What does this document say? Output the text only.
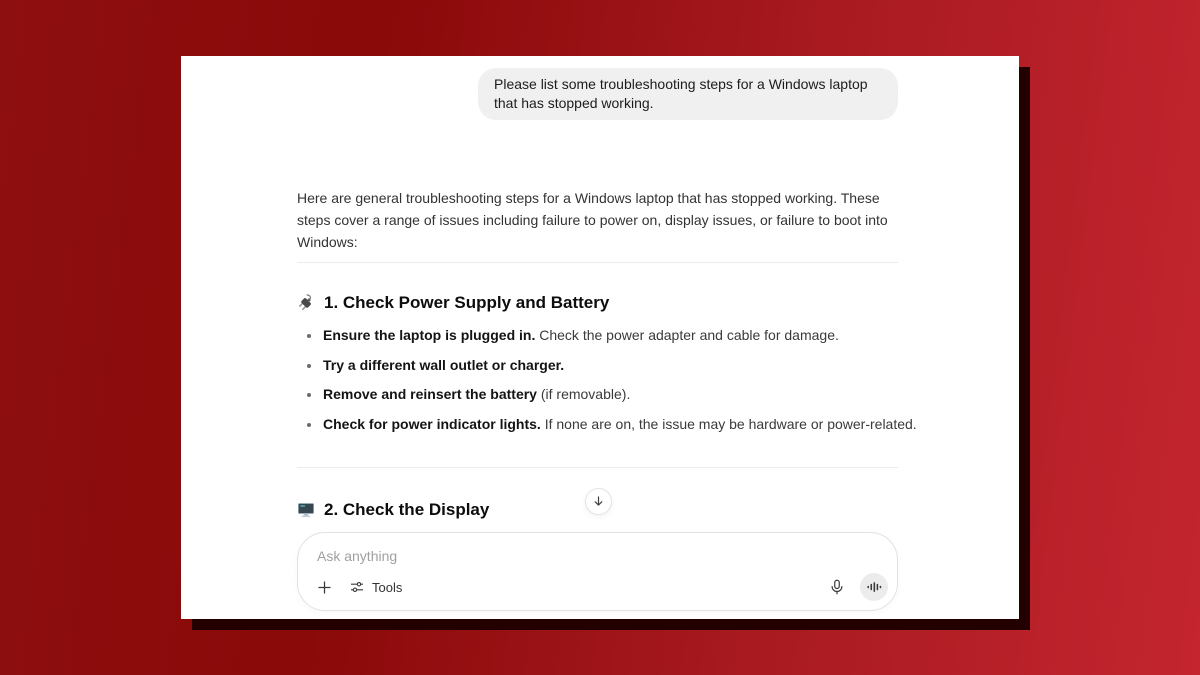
Please list some troubleshooting steps for a Windows laptop that has stopped working.
Here are general troubleshooting steps for a Windows laptop that has stopped working. These steps cover a range of issues including failure to power on, display issues, or failure to boot into Windows:
1. Check Power Supply and Battery
Ensure the laptop is plugged in. Check the power adapter and cable for damage.
Try a different wall outlet or charger.
Remove and reinsert the battery (if removable).
Check for power indicator lights. If none are on, the issue may be hardware or power-related.
2. Check the Display
Ask anything
Tools
